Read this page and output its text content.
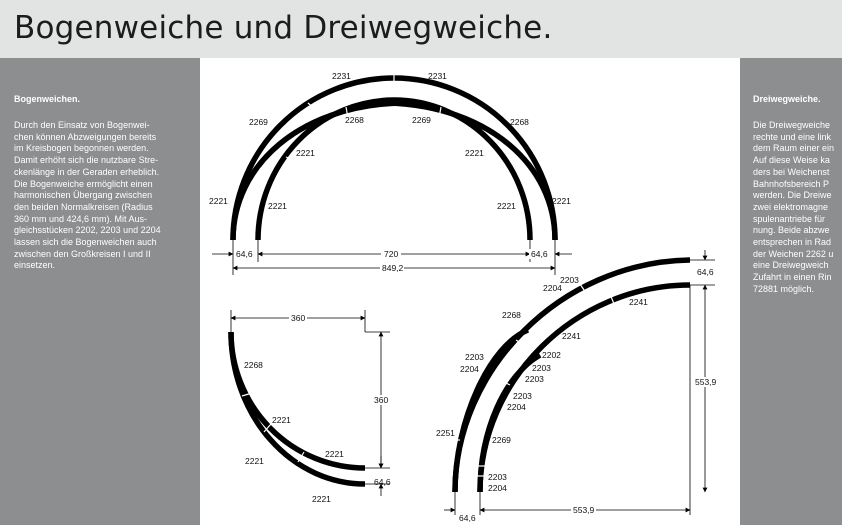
Bogenweiche und Dreiwegweiche.
Bogenweichen.
Durch den Einsatz von Bogenwei-
chen können Abzweigungen bereits
im Kreisbogen begonnen werden.
Damit erhöht sich die nutzbare Stre-
ckenlänge in der Geraden erheblich.
Die Bogenweiche ermöglicht einen
harmonischen Übergang zwischen
den beiden Normalkreisen (Radius
360 mm und 424,6 mm). Mit Aus-
gleichsstücken 2202, 2203 und 2204
lassen sich die Bogenweichen auch
zwischen den Großkreisen I und II
einsetzen.
Dreiwegweiche.
Die Dreiwegweiche
rechte und eine link
dem Raum einer ein
Auf diese Weise ka
ders bei Weichenst
Bahnhofsbereich P
werden. Die Dreiwe
zwei elektromagne
spulenantriebe für
nung. Beide abzwe
entsprechen in Rad
der Weichen 2262 u
eine Dreiwegweich
Zufahrt in einen Rin
72881 möglich.
2231	2231
2269	2268	2269	2268
2221	2221
2221	2221	2221	2221
64,6	720	64,6
849,2
2268
2221
2221
2221
2221
360
360
64,6
2203
2204
2241
2268
2241
2203
2204
2202
2203
2203
2203
2204
2251
2269
2203
2204
64,6
553,9
64,6
553,9
